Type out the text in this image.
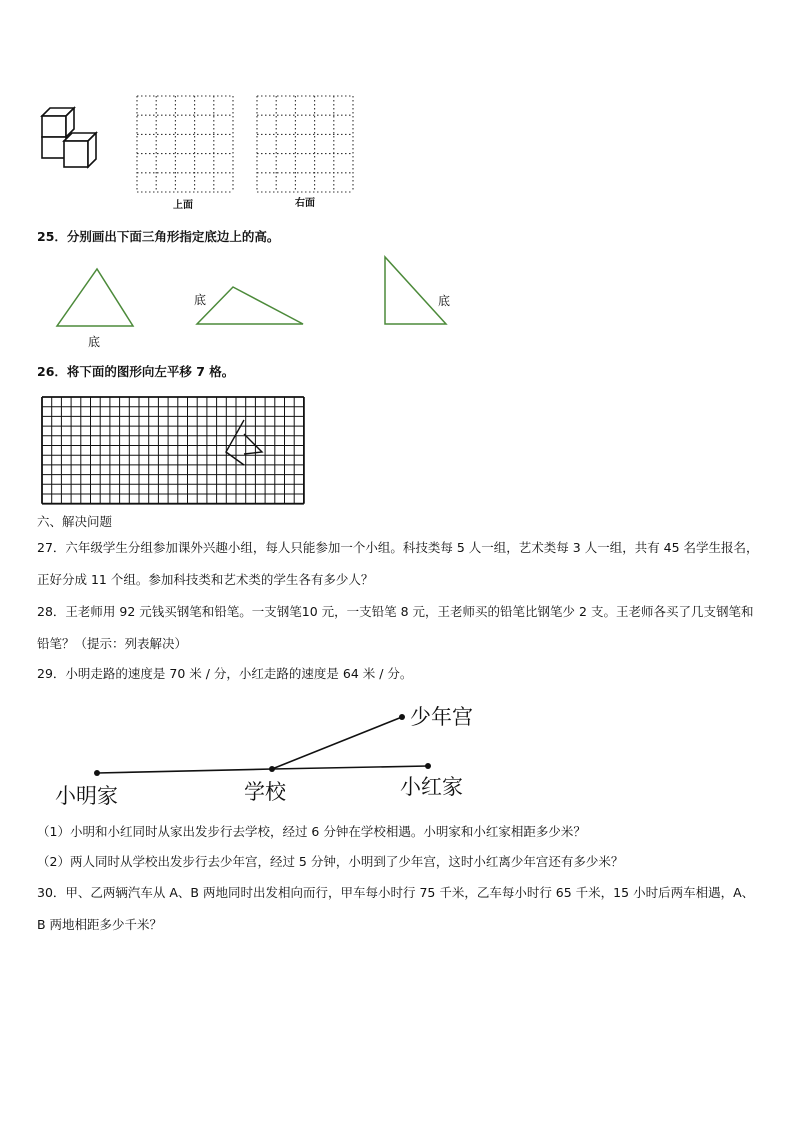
上面	右面
25．分别画出下面三角形指定底边上的高。
底
底	底
26．将下面的图形向左平移 7 格。
六、解决问题
27．六年级学生分组参加课外兴趣小组，每人只能参加一个小组。科技类每 5 人一组，艺术类每 3 人一组，共有 45 名学生报名，正好分成 11 个组。参加科技类和艺术类的学生各有多少人？
28．王老师用 92 元钱买钢笔和铅笔。一支钢笔10 元，一支铅笔 8 元，王老师买的铅笔比钢笔少 2 支。王老师各买了几支钢笔和铅笔？（提示：列表解决）
29．小明走路的速度是 70 米 / 分，小红走路的速度是 64 米 / 分。
小明家	学校	小红家
少年宫
（1）小明和小红同时从家出发步行去学校，经过 6 分钟在学校相遇。小明家和小红家相距多少米？
（2）两人同时从学校出发步行去少年宫，经过 5 分钟，小明到了少年宫，这时小红离少年宫还有多少米？
30．甲、乙两辆汽车从 A、B 两地同时出发相向而行，甲车每小时行 75 千米，乙车每小时行 65 千米，15 小时后两车相遇，A、B 两地相距多少千米？
